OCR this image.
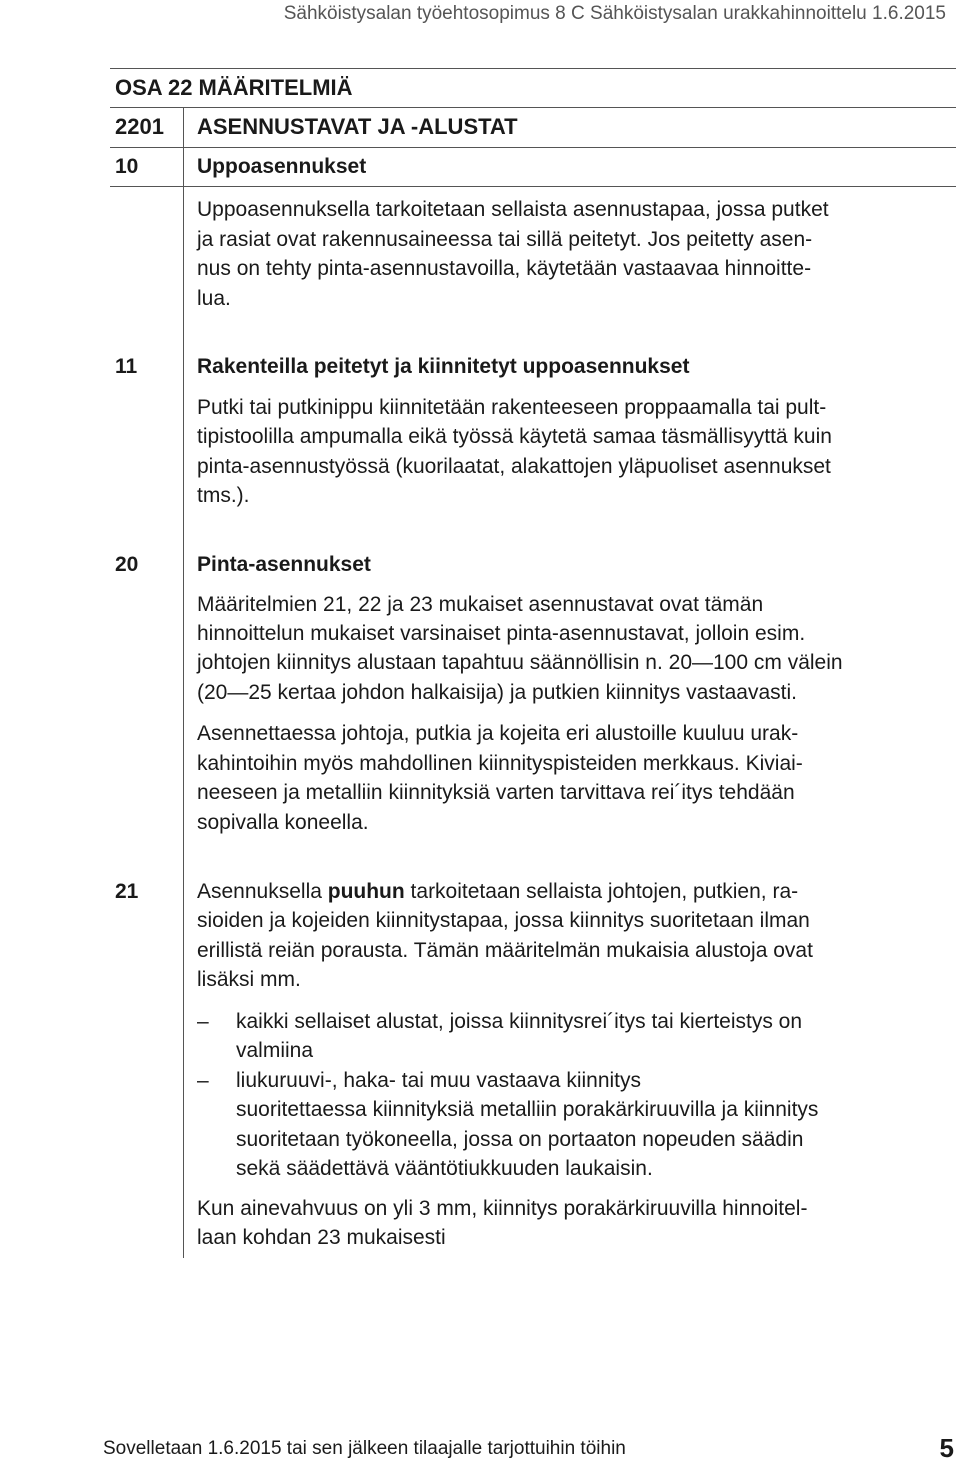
Sähköistysalan työehtosopimus 8 C Sähköistysalan urakkahinnoittelu 1.6.2015
OSA 22 MÄÄRITELMIÄ
2201 ASENNUSTAVAT JA -ALUSTAT
10	Uppoasennukset
Uppoasennuksella tarkoitetaan sellaista asennustapaa, jossa putket
ja rasiat ovat rakennusaineessa tai sillä peitetyt. Jos peitetty asen-
nus on tehty pinta-asennustavoilla, käytetään vastaavaa hinnoitte-
lua.
11	Rakenteilla peitetyt ja kiinnitetyt uppoasennukset
Putki tai putkinippu kiinnitetään rakenteeseen proppaamalla tai pult-
tipistoolilla ampumalla eikä työssä käytetä samaa täsmällisyyttä kuin
pinta-asennustyössä (kuorilaatat, alakattojen yläpuoliset asennukset
tms.).
20	Pinta-asennukset
Määritelmien 21, 22 ja 23 mukaiset asennustavat ovat tämän
hinnoittelun mukaiset varsinaiset pinta-asennustavat, jolloin esim.
johtojen kiinnitys alustaan tapahtuu säännöllisin n. 20—100 cm välein
(20—25 kertaa johdon halkaisija) ja putkien kiinnitys vastaavasti.
Asennettaessa johtoja, putkia ja kojeita eri alustoille kuuluu urak-
kahintoihin myös mahdollinen kiinnityspisteiden merkkaus. Kiviai-
neeseen ja metalliin kiinnityksiä varten tarvittava rei´itys tehdään
sopivalla koneella.
21	Asennuksella puuhun tarkoitetaan sellaista johtojen, putkien, ra-
sioiden ja kojeiden kiinnitystapaa, jossa kiinnitys suoritetaan ilman
erillistä reiän porausta. Tämän määritelmän mukaisia alustoja ovat
lisäksi mm.
– kaikki sellaiset alustat, joissa kiinnitysrei´itys tai kierteistys on
valmiina
– liukuruuvi-, haka- tai muu vastaava kiinnitys
suoritettaessa kiinnityksiä metalliin porakärkiruuvilla ja kiinnitys
suoritetaan työkoneella, jossa on portaaton nopeuden säädin
sekä säädettävä vääntötiukkuuden laukaisin.
Kun ainevahvuus on yli 3 mm, kiinnitys porakärkiruuvilla hinnoitel-
laan kohdan 23 mukaisesti
Sovelletaan 1.6.2015 tai sen jälkeen tilaajalle tarjottuihin töihin	5
